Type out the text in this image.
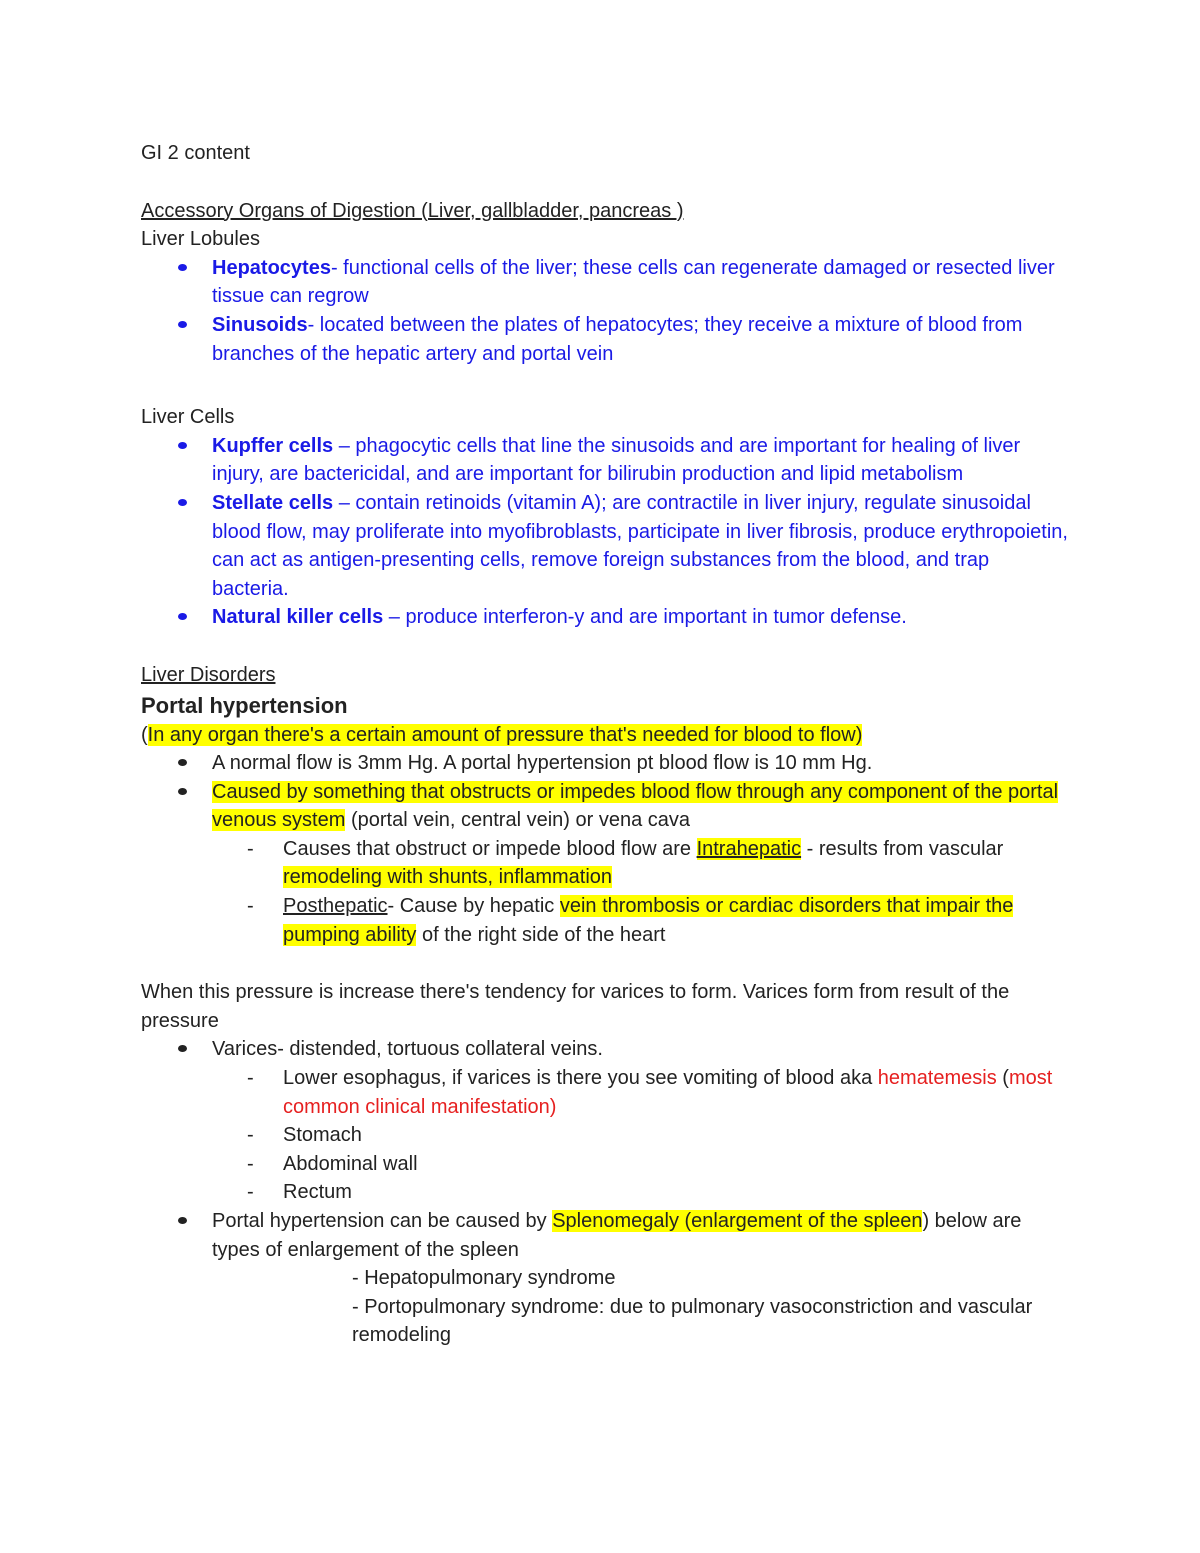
GI 2 content

Accessory Organs of Digestion (Liver, gallbladder, pancreas )

Liver Lobules

Hepatocytes- functional cells of the liver; these cells can regenerate damaged or resected liver tissue can regrow
Sinusoids- located between the plates of hepatocytes; they receive a mixture of blood from branches of the hepatic artery and portal vein

Liver Cells

Kupffer cells – phagocytic cells that line the sinusoids and are important for healing of liver injury, are bactericidal, and are important for bilirubin production and lipid metabolism
Stellate cells – contain retinoids (vitamin A); are contractile in liver injury, regulate sinusoidal blood flow, may proliferate into myofibroblasts, participate in liver fibrosis, produce erythropoietin, can act as antigen-presenting cells, remove foreign substances from the blood, and trap bacteria.
Natural killer cells – produce interferon-y and are important in tumor defense.

Liver Disorders

Portal hypertension

(In any organ there's a certain amount of pressure that's needed for blood to flow)

A normal flow is 3mm Hg. A portal hypertension pt blood flow is 10 mm Hg.
Caused by something that obstructs or impedes blood flow through any component of the portal venous system (portal vein, central vein) or vena cava
- Causes that obstruct or impede blood flow are Intrahepatic - results from vascular remodeling with shunts, inflammation
- Posthepatic- Cause by hepatic vein thrombosis or cardiac disorders that impair the pumping ability of the right side of the heart

When this pressure is increase there's tendency for varices to form. Varices form from result of the pressure

Varices- distended, tortuous collateral veins.
- Lower esophagus, if varices is there you see vomiting of blood aka hematemesis (most common clinical manifestation)
- Stomach
- Abdominal wall
- Rectum
Portal hypertension can be caused by Splenomegaly (enlargement of the spleen) below are types of enlargement of the spleen

- Hepatopulmonary syndrome

- Portopulmonary syndrome: due to pulmonary vasoconstriction and vascular remodeling
